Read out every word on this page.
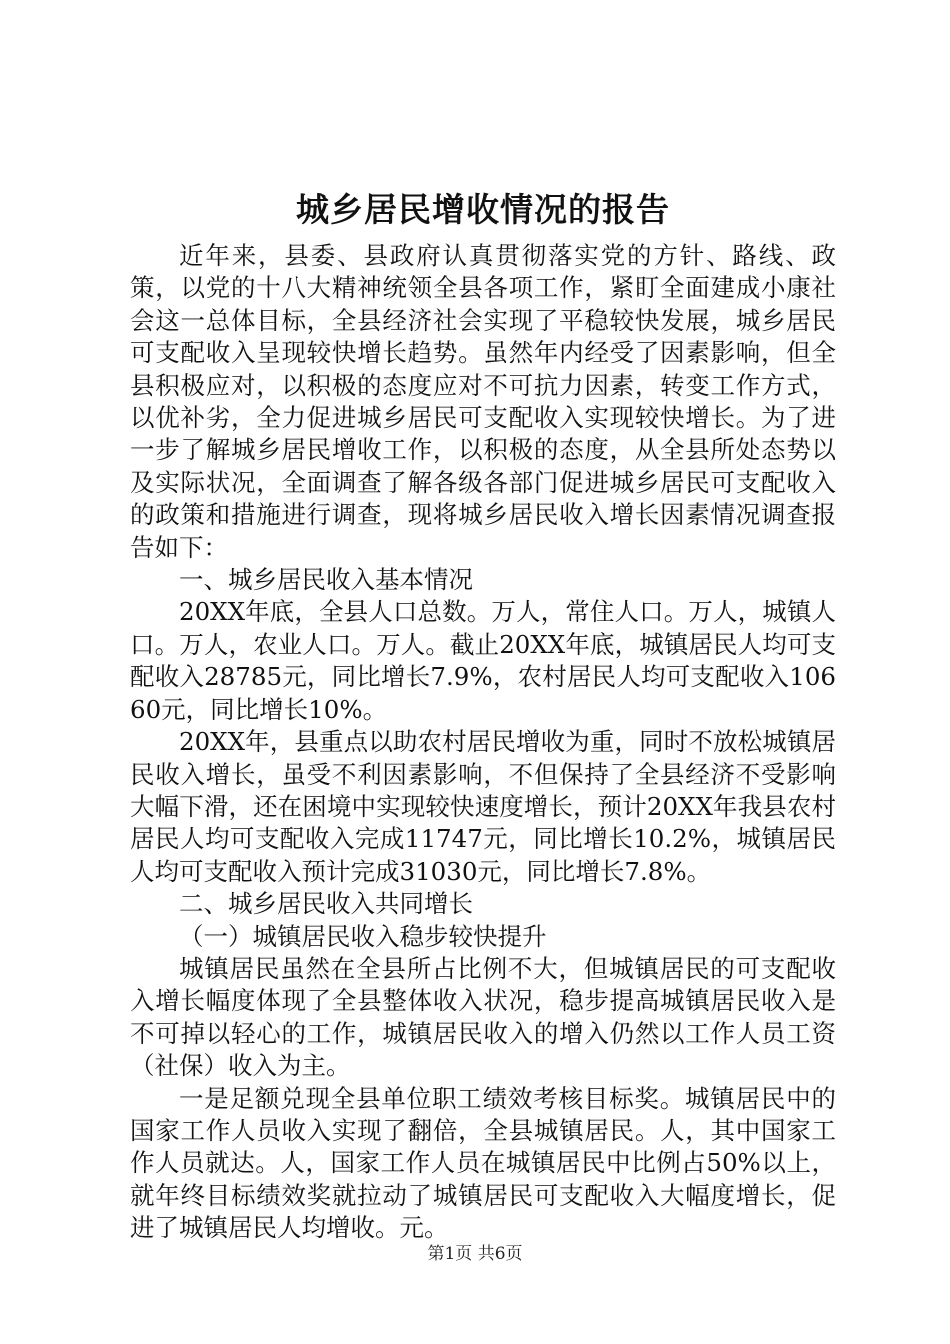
城乡居民增收情况的报告

近年来，县委、县政府认真贯彻落实党的方针、路线、政策，以党的十八大精神统领全县各项工作，紧盯全面建成小康社会这一总体目标，全县经济社会实现了平稳较快发展，城乡居民可支配收入呈现较快增长趋势。虽然年内经受了因素影响，但全县积极应对，以积极的态度应对不可抗力因素，转变工作方式，以优补劣，全力促进城乡居民可支配收入实现较快增长。为了进一步了解城乡居民增收工作，以积极的态度，从全县所处态势以及实际状况，全面调查了解各级各部门促进城乡居民可支配收入的政策和措施进行调查，现将城乡居民收入增长因素情况调查报告如下：

一、城乡居民收入基本情况

20XX年底，全县人口总数。万人，常住人口。万人，城镇人口。万人，农业人口。万人。截止20XX年底，城镇居民人均可支配收入28785元，同比增长7.9%，农村居民人均可支配收入10660元，同比增长10%。

20XX年，县重点以助农村居民增收为重，同时不放松城镇居民收入增长，虽受不利因素影响，不但保持了全县经济不受影响大幅下滑，还在困境中实现较快速度增长，预计20XX年我县农村居民人均可支配收入完成11747元，同比增长10.2%，城镇居民人均可支配收入预计完成31030元，同比增长7.8%。

二、城乡居民收入共同增长

（一）城镇居民收入稳步较快提升

城镇居民虽然在全县所占比例不大，但城镇居民的可支配收入增长幅度体现了全县整体收入状况，稳步提高城镇居民收入是不可掉以轻心的工作，城镇居民收入的增入仍然以工作人员工资（社保）收入为主。

一是足额兑现全县单位职工绩效考核目标奖。城镇居民中的国家工作人员收入实现了翻倍，全县城镇居民。人，其中国家工作人员就达。人，国家工作人员在城镇居民中比例占50%以上，就年终目标绩效奖就拉动了城镇居民可支配收入大幅度增长，促进了城镇居民人均增收。元。

第1页 共6页
